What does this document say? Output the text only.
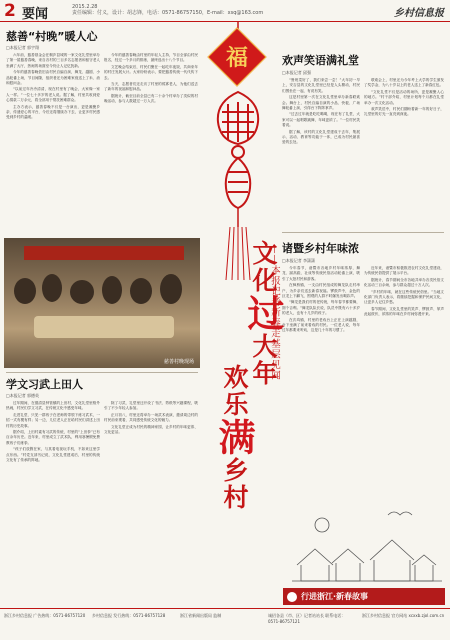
2 要闻	2015.2.28
责任编辑：付义，设计：胡志锋，电话：0571-86757150，E-mail：xsq@163.com	乡村信息报
慈善“村晚”暖人心
□本报记者 郭宇翔

六年前，慈善基金会在桐庐县城的一家文化礼堂里举办了第一届慈善春晚，来自各村的三百多名志愿者和留守老人坐满了大厅，热闹的场面至今仍让人记忆犹新。

今年的慈善春晚依旧由村民自编自演，舞龙、越剧、小品轮番上场，节目间隙，组织者还为困难家庭送上了米、油和慰问金。

“以前过年冷冷清清，现在村里有了晚会，大家像一家人一样。”一位七十多岁的老人说。据了解，村里共收到爱心捐款二万余元，将全部用于帮扶困难群众。

主办方表示，慈善春晚不仅是一台演出，更是凝聚乡亲、传递爱心的平台，今后还将继续办下去，让更多村民感受到乡村的温暖。

今年的慈善春晚由村里的年轻人主持，节目全部由村民报名，经过一个多月的排练，最终选出十八个节目。

文艺晚会结束后，村民们聚在一起吃年夜饭，共商来年的村庄发展大计。大家纷纷表示，要把慈善传统一代代传下去。

当天，志愿者们还走访了村里的孤寡老人，为他们送去了新年的祝福和慰问品。

据统计，截至目前全县已有二十余个村举办了类似的村晚活动，参与人数超过一万人次。

慈善村晚现场
学文习武上田人
□本报记者 郭德英

过年期间，在德清县钟管镇的上田村，文化礼堂里格外热闹，村民们学文习武，在传统文化中感受年味。

走进礼堂，只见一群孩子在老师的带领下练习武术，一招一式有模有样；另一边，几位老人正在给村民们讲述上田村的历史故事。

据介绍，上田村素有习武的传统，村里的“上田拳”已有百余年历史。近年来，村里成立了武术队，利用寒暑假免费教孩子们练拳。

“孩子们放假在家，与其看电视玩手机，不如来这里学点东西。”村党支部书记说，文化礼堂建成后，村里的传统文化有了传承的阵地。

除了习武，礼堂里还开设了书法、剪纸等兴趣课程，吸引了不少年轻人参加。

正月初八，村里还将举办一场武术表演，邀请周边村的村民前来观看，共同感受传统文化的魅力。

文化礼堂正成为村民的精神家园，让乡村的年味更浓、文化更活。

福
文化过大年
欢乐满乡村
——本报记者新春走基层见闻
欢声笑语满礼堂
□本报记者 邱强

“鲁班菜好了，我们来尝一尝！”大年初一早上，安吉县的文化礼堂里已经是人头攒动，村民们围坐在一起，有说有笑。

这是村里第一次在文化礼堂里举办新春联欢会。舞台上，村民自编自演的小品、快板、广场舞轮番上演，引得台下阵阵掌声。

“过去过年就是吃吃喝喝，现在有了礼堂，大家可以一起唱歌跳舞，年味更浓了。”一位村民笑着说。

据了解，该村的文化礼堂建成于去年，集展示、活动、教育等功能于一体，已成为村民最喜爱的去处。

联欢会上，村里还为今年考上大学的学生颁发了奖学金，为八十岁以上的老人送上了新春红包。

“文化礼堂不仅是活动的场所，更是凝聚人心的地方。”村干部介绍，村里计划每个月都在礼堂举办一次文化活动。

欢声笑语中，村民们期盼着新一年的好日子，礼堂里的灯光一直亮到深夜。

诸暨乡村年味浓
□本报记者 李潇潇

今年春节，诸暨市各地乡村年味浓厚，舞龙、踩高跷、社戏等传统民俗活动轮番上演，吸引了大批村民和游客。

在枫桥镇，一支由村民组成的舞龙队走村串户，为乡亲们送去新春祝福。锣鼓声中，金色的巨龙上下翻飞，围观的人群不时爆发出喝彩声。

“舞龙是我们村的老传统，每年春节都要舞，图个吉利。”舞龙队队长说，队员中既有六十多岁的老人，也有十几岁的孩子。

在次坞镇，村里的老戏台上正在上演越剧，台下坐满了前来看戏的村民。一位老人说，每年过年都要来听戏，这是几十年的习惯了。

近年来，诸暨市积极推进农村文化礼堂建设，为传统民俗提供了展示平台。

据统计，春节期间全市各地共举办各类民俗文化活动三百余场，参与群众超过十万人次。

“乡村的年味，就在这些传统民俗里。”当地文化部门负责人表示，将继续挖掘和保护民间文化，让更多人记住乡愁。

春节期间，文化礼堂里的笑声、锣鼓声、掌声此起彼伏，浓浓的年味在乡村间弥漫开来。

行进浙江·新春故事
浙江乡村信息报 广告热线：0571-86757120 乡村信息报 发行热线：0571-86757128	浙江省新闻出版局 监制	诚招各县（市、区）记者站站长 联系电话：0571-86757121
浙江乡村信息报 官方网站 xcxxb.zjol.com.cn
